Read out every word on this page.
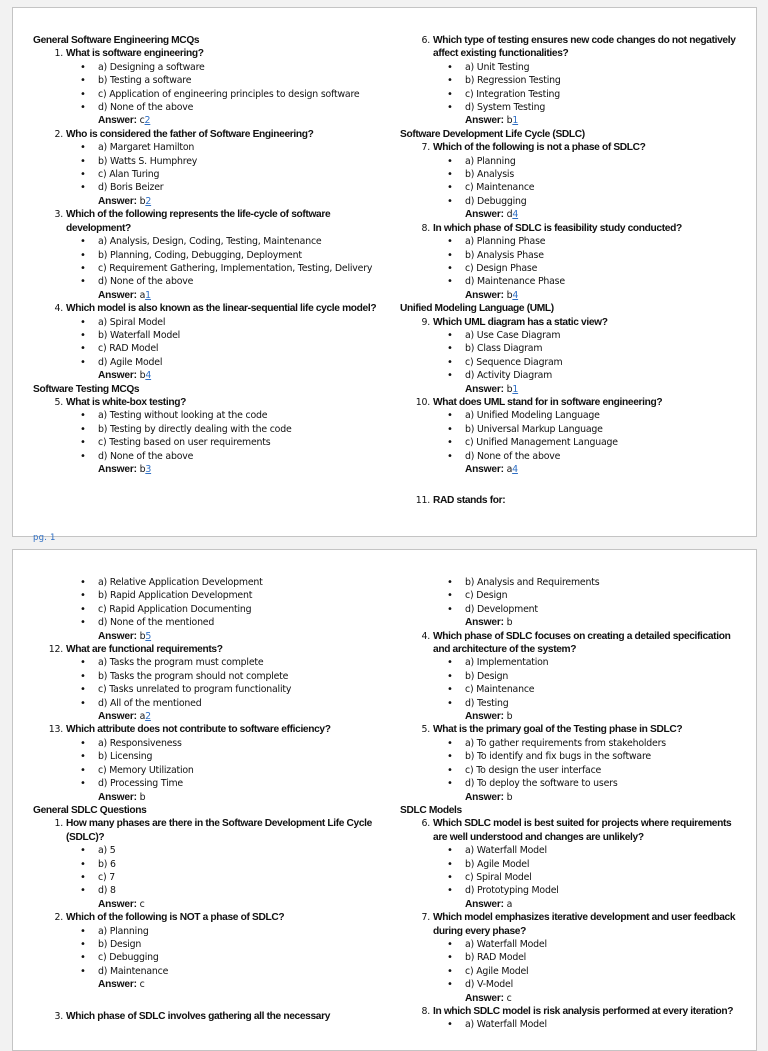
General Software Engineering MCQs
1. What is software engineering?
• a) Designing a software
• b) Testing a software
• c) Application of engineering principles to design software
• d) None of the above
Answer: c2
2. Who is considered the father of Software Engineering?
• a) Margaret Hamilton
• b) Watts S. Humphrey
• c) Alan Turing
• d) Boris Beizer
Answer: b2
3. Which of the following represents the life-cycle of software development?
• a) Analysis, Design, Coding, Testing, Maintenance
• b) Planning, Coding, Debugging, Deployment
• c) Requirement Gathering, Implementation, Testing, Delivery
• d) None of the above
Answer: a1
4. Which model is also known as the linear-sequential life cycle model?
• a) Spiral Model
• b) Waterfall Model
• c) RAD Model
• d) Agile Model
Answer: b4
Software Testing MCQs
5. What is white-box testing?
• a) Testing without looking at the code
• b) Testing by directly dealing with the code
• c) Testing based on user requirements
• d) None of the above
Answer: b3
6. Which type of testing ensures new code changes do not negatively affect existing functionalities?
• a) Unit Testing
• b) Regression Testing
• c) Integration Testing
• d) System Testing
Answer: b1
Software Development Life Cycle (SDLC)
7. Which of the following is not a phase of SDLC?
• a) Planning
• b) Analysis
• c) Maintenance
• d) Debugging
Answer: d4
8. In which phase of SDLC is feasibility study conducted?
• a) Planning Phase
• b) Analysis Phase
• c) Design Phase
• d) Maintenance Phase
Answer: b4
Unified Modeling Language (UML)
9. Which UML diagram has a static view?
• a) Use Case Diagram
• b) Class Diagram
• c) Sequence Diagram
• d) Activity Diagram
Answer: b1
10. What does UML stand for in software engineering?
• a) Unified Modeling Language
• b) Universal Markup Language
• c) Unified Management Language
• d) None of the above
Answer: a4
11. RAD stands for:
pg. 1
• a) Relative Application Development
• b) Rapid Application Development
• c) Rapid Application Documenting
• d) None of the mentioned
Answer: b5
12. What are functional requirements?
• a) Tasks the program must complete
• b) Tasks the program should not complete
• c) Tasks unrelated to program functionality
• d) All of the mentioned
Answer: a2
13. Which attribute does not contribute to software efficiency?
• a) Responsiveness
• b) Licensing
• c) Memory Utilization
• d) Processing Time
Answer: b
General SDLC Questions
1. How many phases are there in the Software Development Life Cycle (SDLC)?
• a) 5
• b) 6
• c) 7
• d) 8
Answer: c
2. Which of the following is NOT a phase of SDLC?
• a) Planning
• b) Design
• c) Debugging
• d) Maintenance
Answer: c
3. Which phase of SDLC involves gathering all the necessary
• b) Analysis and Requirements
• c) Design
• d) Development
Answer: b
4. Which phase of SDLC focuses on creating a detailed specification and architecture of the system?
• a) Implementation
• b) Design
• c) Maintenance
• d) Testing
Answer: b
5. What is the primary goal of the Testing phase in SDLC?
• a) To gather requirements from stakeholders
• b) To identify and fix bugs in the software
• c) To design the user interface
• d) To deploy the software to users
Answer: b
SDLC Models
6. Which SDLC model is best suited for projects where requirements are well understood and changes are unlikely?
• a) Waterfall Model
• b) Agile Model
• c) Spiral Model
• d) Prototyping Model
Answer: a
7. Which model emphasizes iterative development and user feedback during every phase?
• a) Waterfall Model
• b) RAD Model
• c) Agile Model
• d) V-Model
Answer: c
8. In which SDLC model is risk analysis performed at every iteration?
• a) Waterfall Model
